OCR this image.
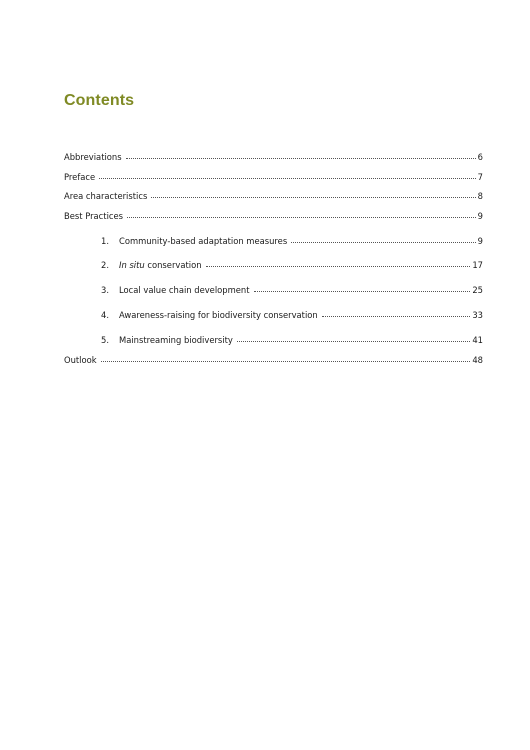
Contents
Abbreviations	6
Preface	7
Area characteristics	8
Best Practices	9
1.	Community-based adaptation measures	9
2.	In situ conservation	17
3.	Local value chain development	25
4.	Awareness-raising for biodiversity conservation	33
5.	Mainstreaming biodiversity	41
Outlook	48
